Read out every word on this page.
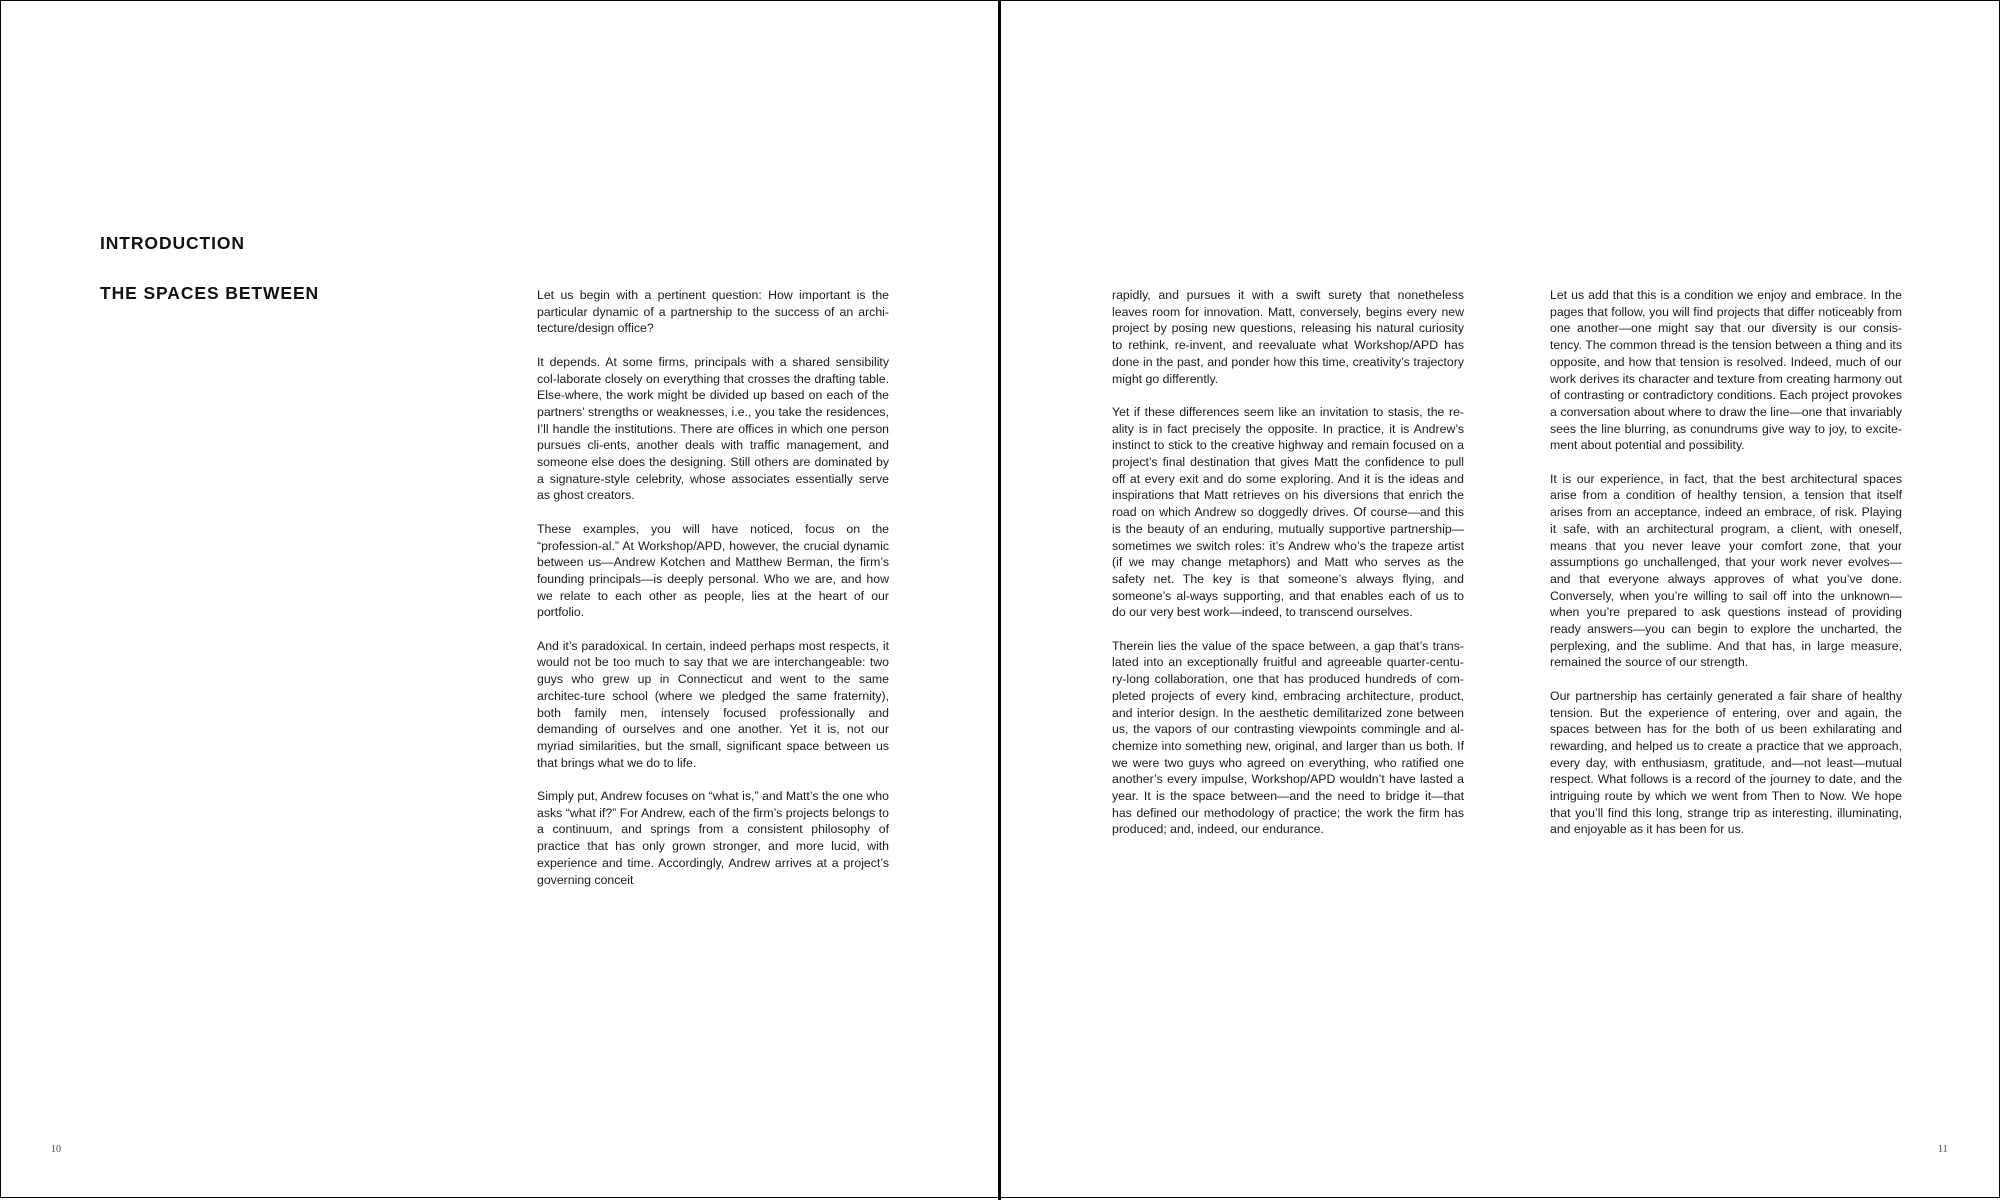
INTRODUCTION
THE SPACES BETWEEN	Let us begin with a pertinent question: How important is the particular dynamic of a partnership to the success of an archi-tecture/design office?

It depends. At some firms, principals with a shared sensibility col-laborate closely on everything that crosses the drafting table. Else-where, the work might be divided up based on each of the partners’ strengths or weaknesses, i.e., you take the residences, I’ll handle the institutions. There are offices in which one person pursues cli-ents, another deals with traffic management, and someone else does the designing. Still others are dominated by a signature-style celebrity, whose associates essentially serve as ghost creators.

These examples, you will have noticed, focus on the “profession-al.” At Workshop/APD, however, the crucial dynamic between us—Andrew Kotchen and Matthew Berman, the firm’s founding principals—is deeply personal. Who we are, and how we relate to each other as people, lies at the heart of our portfolio.

And it’s paradoxical. In certain, indeed perhaps most respects, it would not be too much to say that we are interchangeable: two guys who grew up in Connecticut and went to the same architec-ture school (where we pledged the same fraternity), both family men, intensely focused professionally and demanding of ourselves and one another. Yet it is, not our myriad similarities, but the small, significant space between us that brings what we do to life.

Simply put, Andrew focuses on “what is,” and Matt’s the one who asks “what if?” For Andrew, each of the firm’s projects belongs to a continuum, and springs from a consistent philosophy of practice that has only grown stronger, and more lucid, with experience and time. Accordingly, Andrew arrives at a project’s governing conceit

rapidly, and pursues it with a swift surety that nonetheless leaves room for innovation. Matt, conversely, begins every new project by posing new questions, releasing his natural curiosity to rethink, re-invent, and reevaluate what Workshop/APD has done in the past, and ponder how this time, creativity’s trajectory might go differently.

Yet if these differences seem like an invitation to stasis, the re-ality is in fact precisely the opposite. In practice, it is Andrew’s instinct to stick to the creative highway and remain focused on a project’s final destination that gives Matt the confidence to pull off at every exit and do some exploring. And it is the ideas and inspirations that Matt retrieves on his diversions that enrich the road on which Andrew so doggedly drives. Of course—and this is the beauty of an enduring, mutually supportive partnership—sometimes we switch roles: it’s Andrew who’s the trapeze artist (if we may change metaphors) and Matt who serves as the safety net. The key is that someone’s always flying, and someone’s al-ways supporting, and that enables each of us to do our very best work—indeed, to transcend ourselves.

Therein lies the value of the space between, a gap that’s trans-lated into an exceptionally fruitful and agreeable quarter-centu-ry-long collaboration, one that has produced hundreds of com-pleted projects of every kind, embracing architecture, product, and interior design. In the aesthetic demilitarized zone between us, the vapors of our contrasting viewpoints commingle and al-chemize into something new, original, and larger than us both. If we were two guys who agreed on everything, who ratified one another’s every impulse, Workshop/APD wouldn’t have lasted a year. It is the space between—and the need to bridge it—that has defined our methodology of practice; the work the firm has produced; and, indeed, our endurance.

Let us add that this is a condition we enjoy and embrace. In the pages that follow, you will find projects that differ noticeably from one another—one might say that our diversity is our consis-tency. The common thread is the tension between a thing and its opposite, and how that tension is resolved. Indeed, much of our work derives its character and texture from creating harmony out of contrasting or contradictory conditions. Each project provokes a conversation about where to draw the line—one that invariably sees the line blurring, as conundrums give way to joy, to excite-ment about potential and possibility.

It is our experience, in fact, that the best architectural spaces arise from a condition of healthy tension, a tension that itself arises from an acceptance, indeed an embrace, of risk. Playing it safe, with an architectural program, a client, with oneself, means that you never leave your comfort zone, that your assumptions go unchallenged, that your work never evolves—and that everyone always approves of what you’ve done. Conversely, when you’re willing to sail off into the unknown—when you’re prepared to ask questions instead of providing ready answers—you can begin to explore the uncharted, the perplexing, and the sublime. And that has, in large measure, remained the source of our strength.

Our partnership has certainly generated a fair share of healthy tension. But the experience of entering, over and again, the spaces between has for the both of us been exhilarating and rewarding, and helped us to create a practice that we approach, every day, with enthusiasm, gratitude, and—not least—mutual respect. What follows is a record of the journey to date, and the intriguing route by which we went from Then to Now. We hope that you’ll find this long, strange trip as interesting, illuminating, and enjoyable as it has been for us.

10	11
